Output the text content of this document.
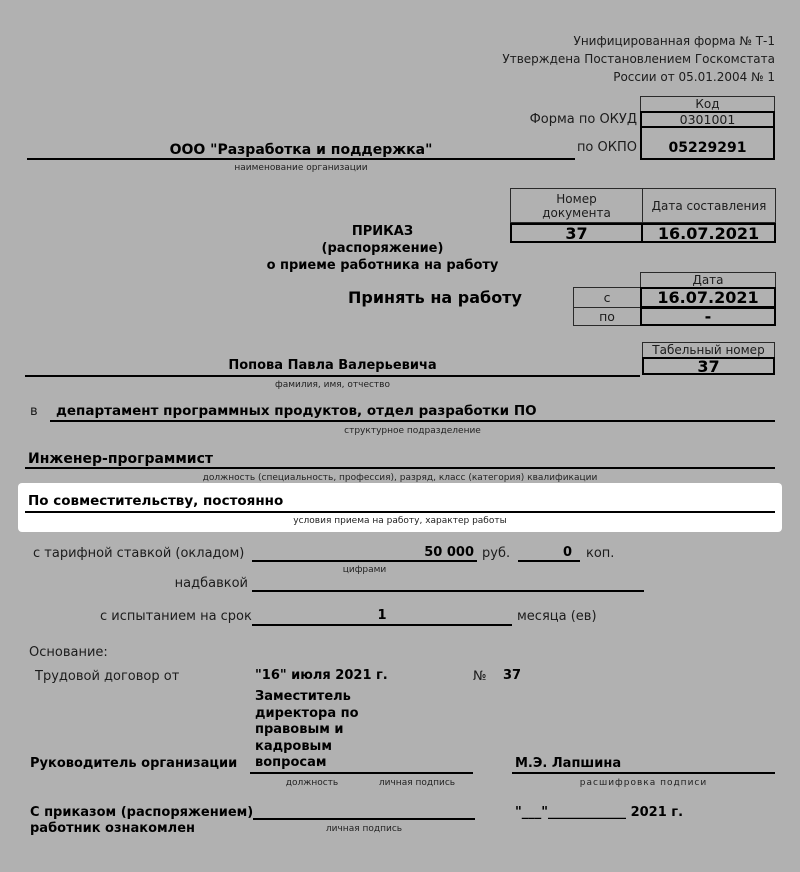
Унифицированная форма № Т-1
Утверждена Постановлением Госкомстата
России от 05.01.2004 № 1
Код
Форма по ОКУД	0301001
по ОКПО 05229291
ООО "Разработка и поддержка"
наименование организации
ПРИКАЗ
(распоряжение)
о приеме работника на работу
Номер документа	Дата составления
37	16.07.2021
Принять на работу
Дата
с	16.07.2021
по	-
Табельный номер
37
Попова Павла Валерьевича
фамилия, имя, отчество
в департамент программных продуктов, отдел разработки ПО
структурное подразделение
Инженер-программист
должность (специальность, профессия), разряд, класс (категория) квалификации
По совместительству, постоянно
условия приема на работу, характер работы
с тарифной ставкой (окладом)	50 000 руб.	0 коп.
цифрами
надбавкой
с испытанием на срок	1	месяца (ев)
Основание:
Трудовой договор от	"16" июля 2021 г.	№ 37
Заместитель директора по правовым и кадровым вопросам
Руководитель организации
должность	личная подпись
М.Э. Лапшина
расшифровка подписи
С приказом (распоряжением)
работник ознакомлен	личная подпись
"___"____________ 2021 г.
